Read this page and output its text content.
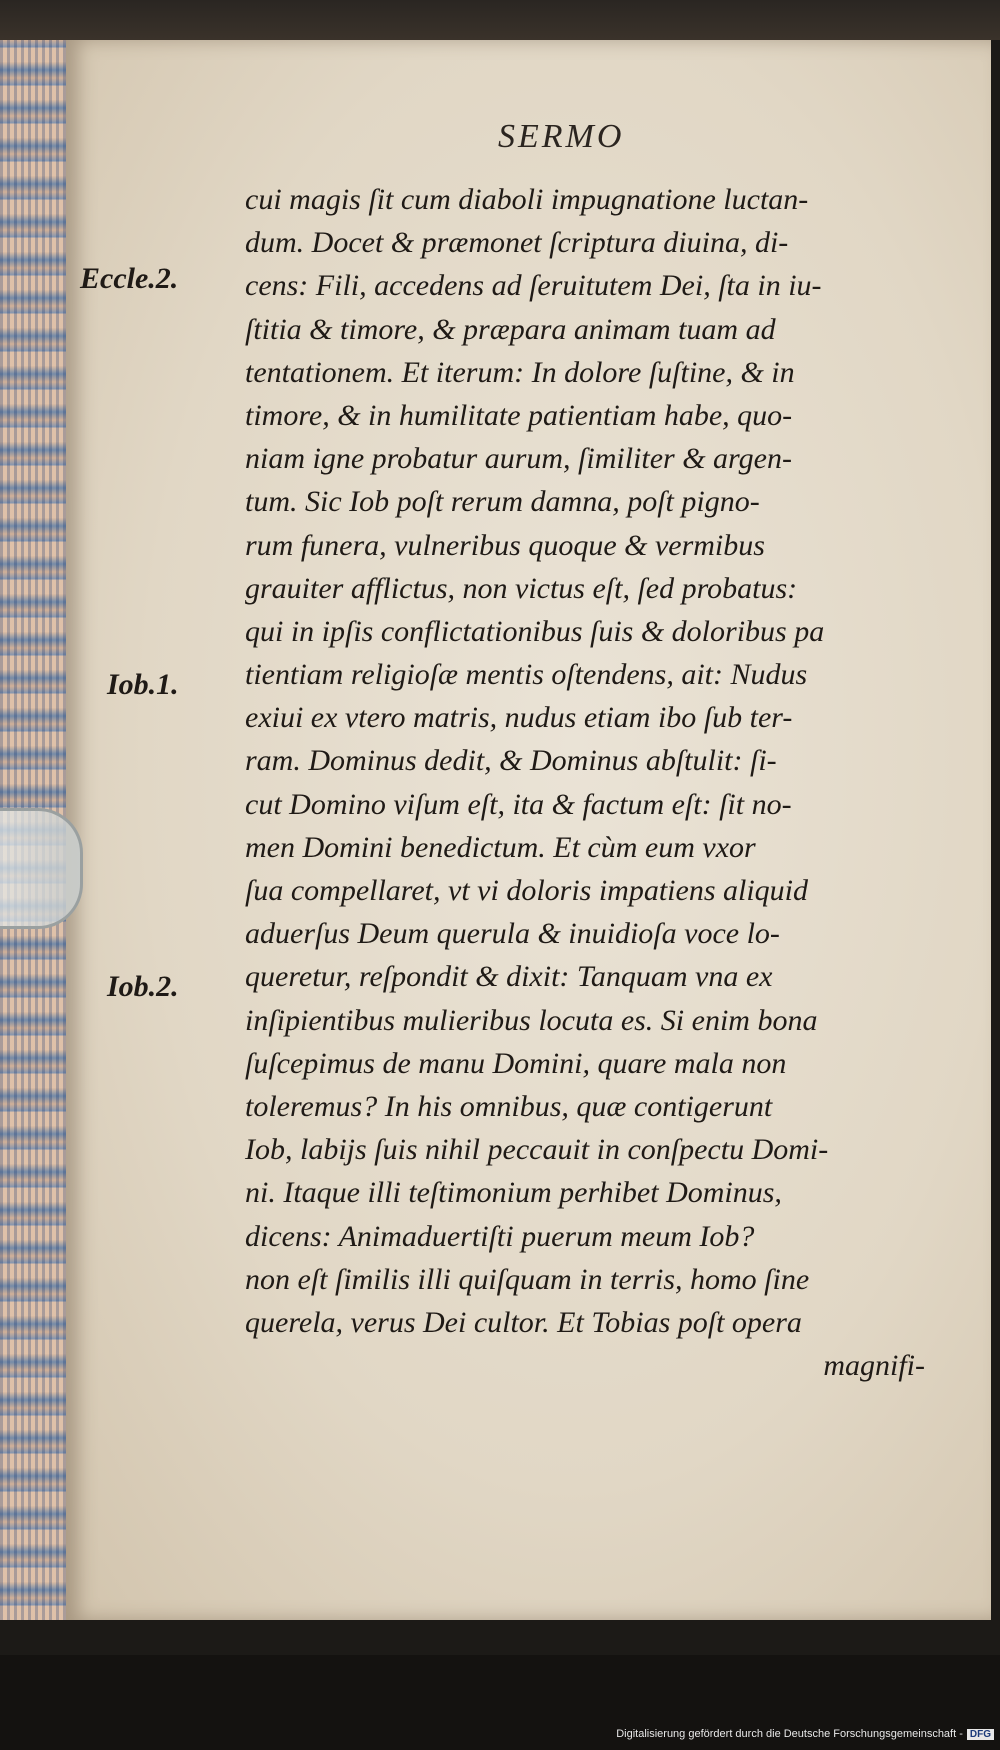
SERMO
Eccle.2.
Iob.1.
Iob.2.
cui magis ſit cum diaboli impugnatione luctan-
dum. Docet & præmonet ſcriptura diuina, di-
cens: Fili, accedens ad ſeruitutem Dei, ſta in iu-
ſtitia & timore, & præpara animam tuam ad
tentationem. Et iterum: In dolore ſuſtine, & in
timore, & in humilitate patientiam habe, quo-
niam igne probatur aurum, ſimiliter & argen-
tum. Sic Iob poſt rerum damna, poſt pigno-
rum funera, vulneribus quoque & vermibus
grauiter afflictus, non victus eſt, ſed probatus:
qui in ipſis conflictationibus ſuis & doloribus pa
tientiam religioſæ mentis oſtendens, ait: Nudus
exiui ex vtero matris, nudus etiam ibo ſub ter-
ram. Dominus dedit, & Dominus abſtulit: ſi-
cut Domino viſum eſt, ita & factum eſt: ſit no-
men Domini benedictum. Et cùm eum vxor
ſua compellaret, vt vi doloris impatiens aliquid
aduerſus Deum querula & inuidioſa voce lo-
queretur, reſpondit & dixit: Tanquam vna ex
inſipientibus mulieribus locuta es. Si enim bona
ſuſcepimus de manu Domini, quare mala non
toleremus? In his omnibus, quæ contigerunt
Iob, labijs ſuis nihil peccauit in conſpectu Domi-
ni. Itaque illi teſtimonium perhibet Dominus,
dicens: Animaduertiſti puerum meum Iob?
non eſt ſimilis illi quiſquam in terris, homo ſine
querela, verus Dei cultor. Et Tobias poſt opera
magnifi-
Digitalisierung gefördert durch die Deutsche Forschungsgemeinschaft - DFG
